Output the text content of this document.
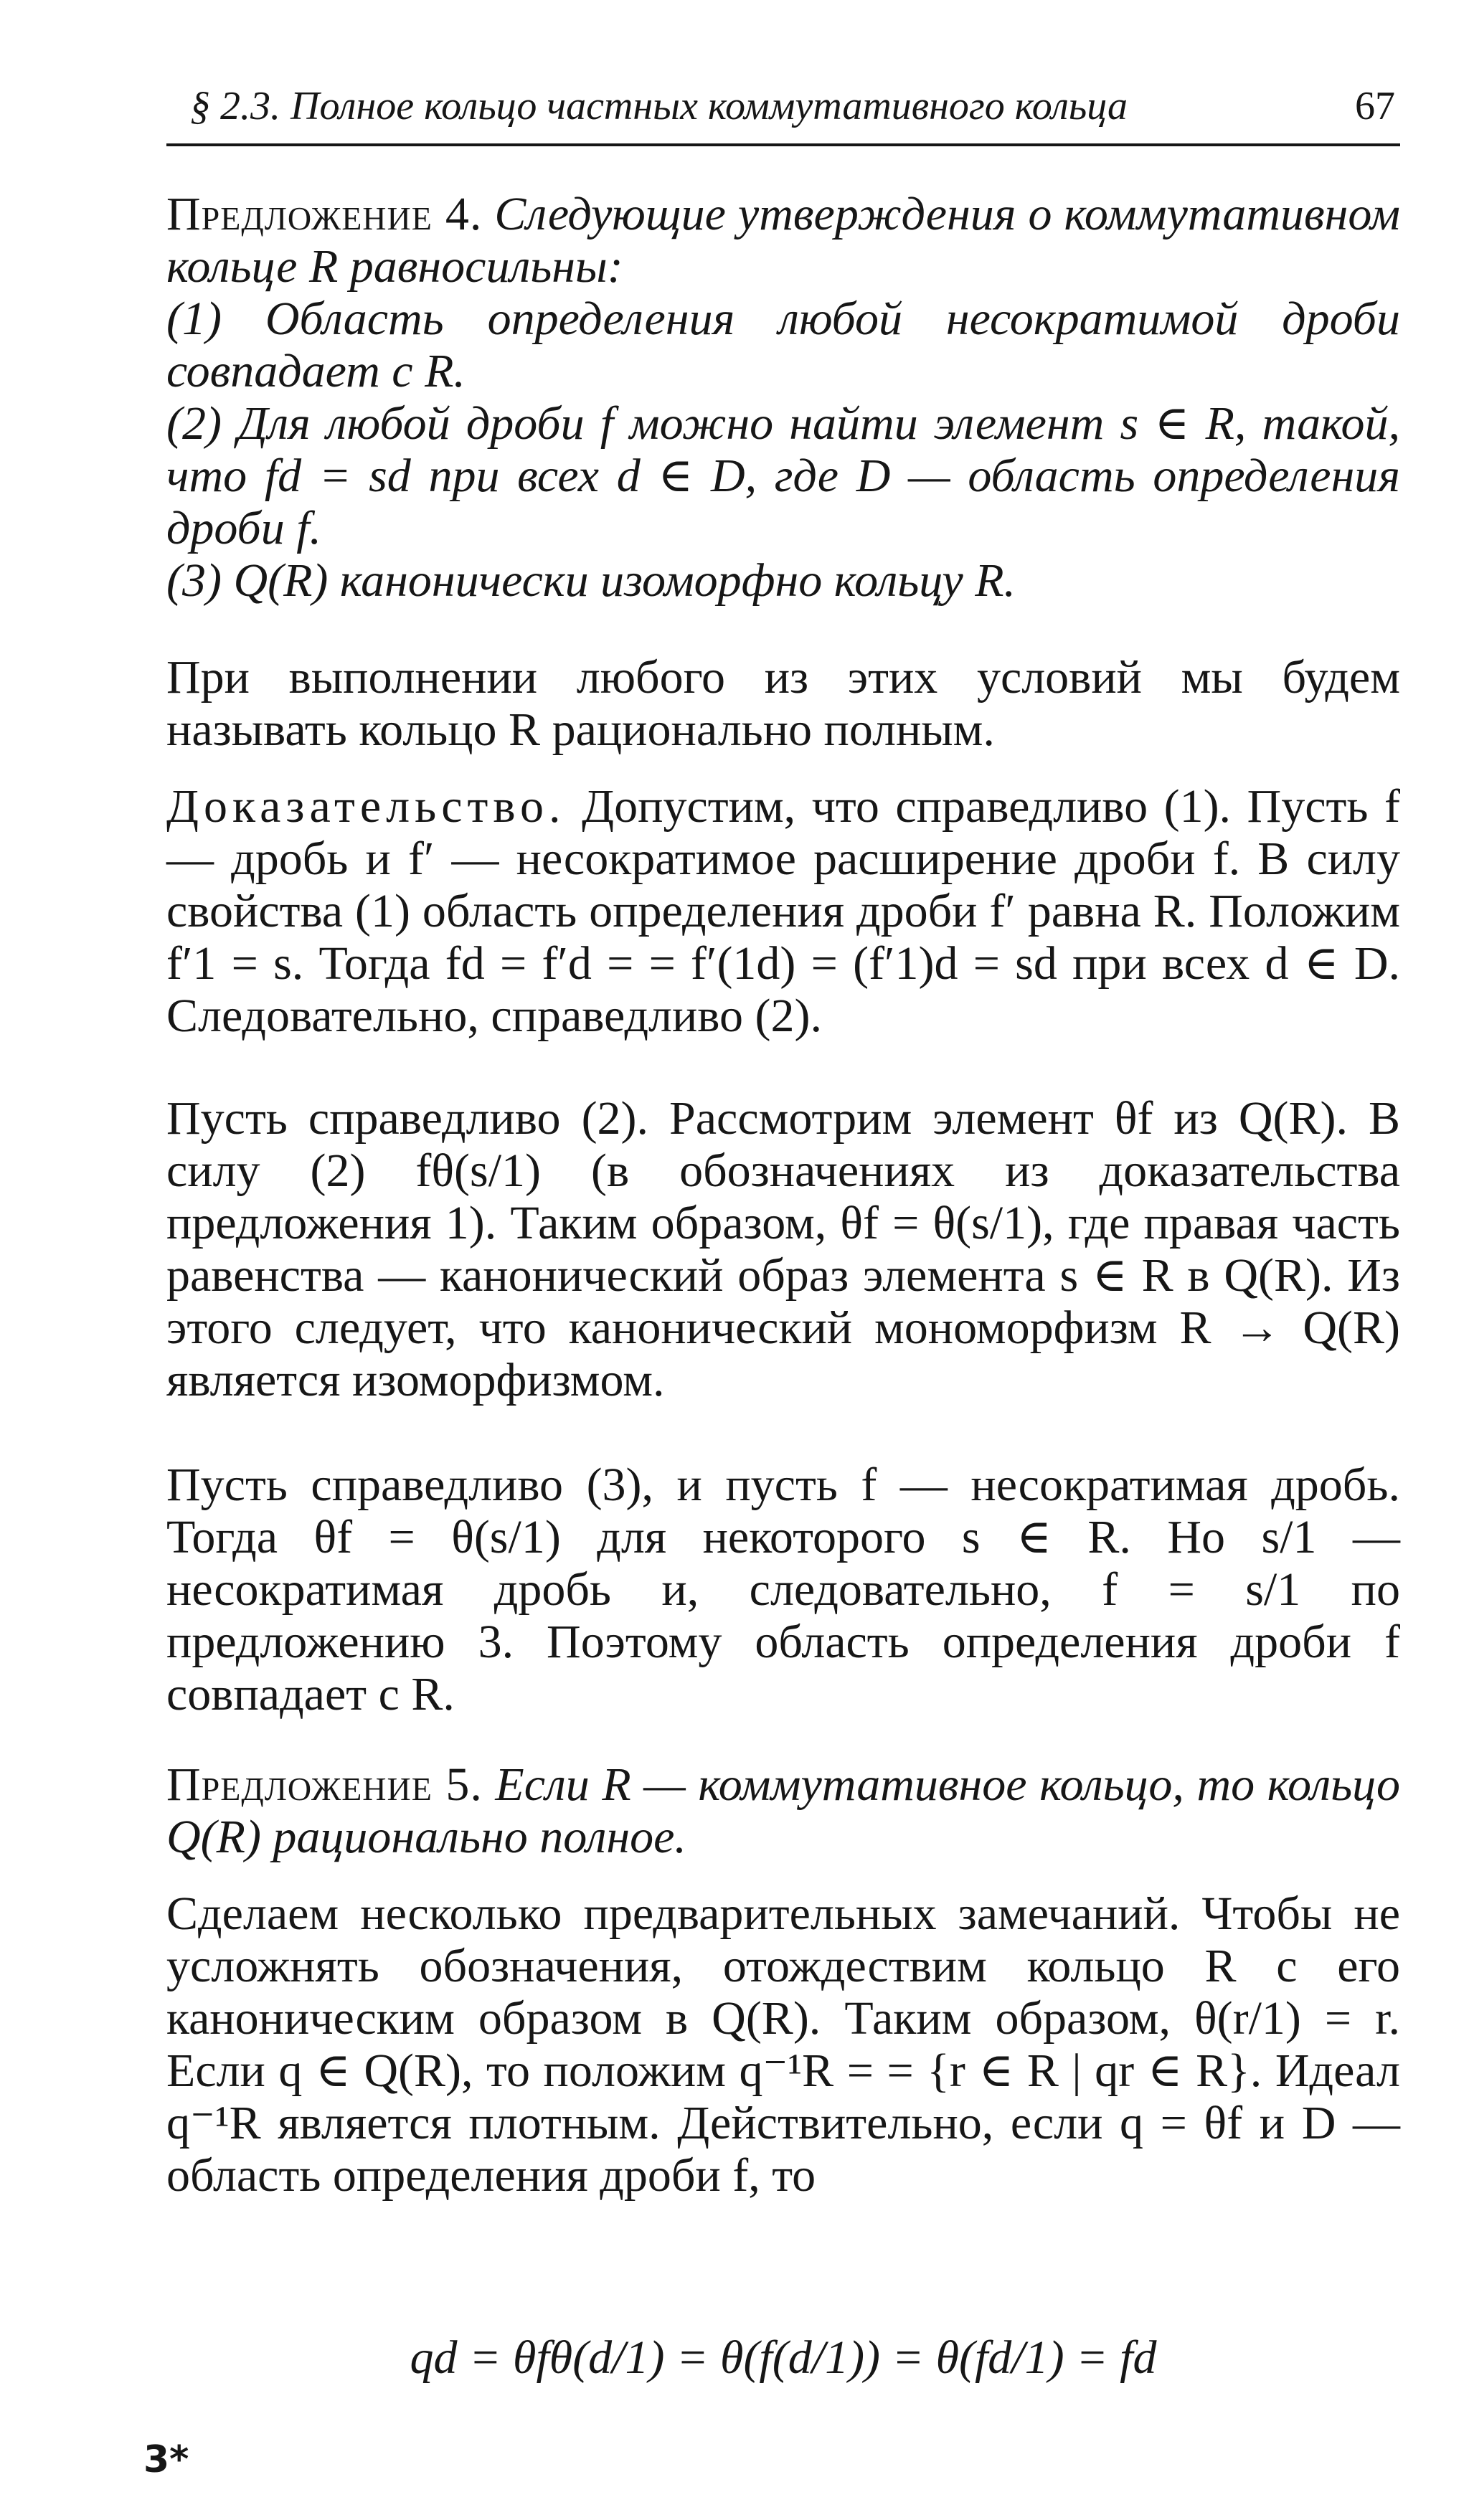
§ 2.3. Полное кольцо частных коммутативного кольца	67

Предложение 4. Следующие утверждения о коммутативном кольце R равносильны:

(1) Область определения любой несократимой дроби совпадает с R.

(2) Для любой дроби f можно найти элемент s ∈ R, такой, что fd = sd при всех d ∈ D, где D — область определения дроби f.

(3) Q(R) канонически изоморфно кольцу R.

При выполнении любого из этих условий мы будем называть кольцо R рационально полным.

Доказательство. Допустим, что справедливо (1). Пусть f — дробь и f′ — несократимое расширение дроби f. В силу свойства (1) область определения дроби f′ равна R. Положим f′1 = s. Тогда fd = f′d = = f′(1d) = (f′1)d = sd при всех d ∈ D. Следовательно, справедливо (2).

Пусть справедливо (2). Рассмотрим элемент θf из Q(R). В силу (2) fθ(s/1) (в обозначениях из доказательства предложения 1). Таким образом, θf = θ(s/1), где правая часть равенства — канонический образ элемента s ∈ R в Q(R). Из этого следует, что канонический мономорфизм R → Q(R) является изоморфизмом.

Пусть справедливо (3), и пусть f — несократимая дробь. Тогда θf = θ(s/1) для некоторого s ∈ R. Но s/1 — несократимая дробь и, следовательно, f = s/1 по предложению 3. Поэтому область определения дроби f совпадает с R.

Предложение 5. Если R — коммутативное кольцо, то кольцо Q(R) рационально полное.

Сделаем несколько предварительных замечаний. Чтобы не усложнять обозначения, отождествим кольцо R с его каноническим образом в Q(R). Таким образом, θ(r/1) = r. Если q ∈ Q(R), то положим q⁻¹R = = {r ∈ R | qr ∈ R}. Идеал q⁻¹R является плотным. Действительно, если q = θf и D — область определения дроби f, то

qd = θfθ(d/1) = θ(f(d/1)) = θ(fd/1) = fd
3*
